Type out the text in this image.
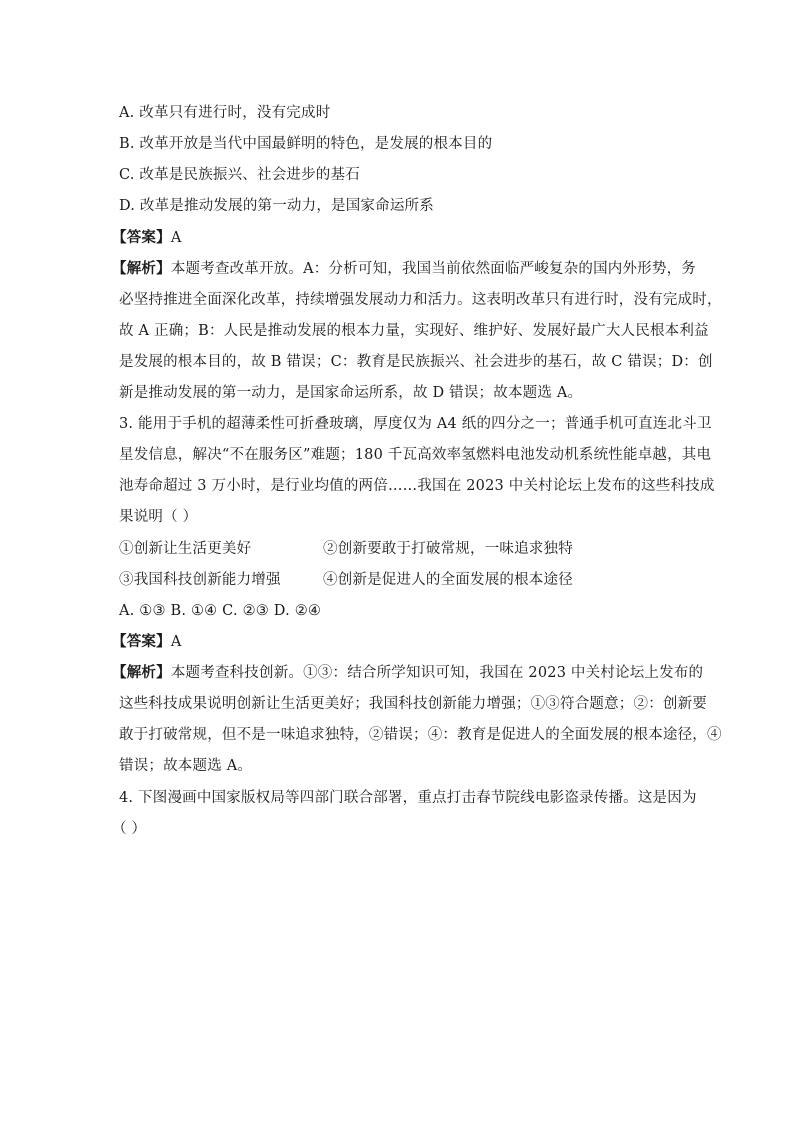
A. 改革只有进行时，没有完成时
B. 改革开放是当代中国最鲜明的特色，是发展的根本目的
C. 改革是民族振兴、社会进步的基石
D. 改革是推动发展的第一动力，是国家命运所系
【答案】A
【解析】本题考查改革开放。A：分析可知，我国当前依然面临严峻复杂的国内外形势，务
必坚持推进全面深化改革，持续增强发展动力和活力。这表明改革只有进行时，没有完成时，
故 A 正确；B：人民是推动发展的根本力量，实现好、维护好、发展好最广大人民根本利益
是发展的根本目的，故 B 错误；C：教育是民族振兴、社会进步的基石，故 C 错误；D：创
新是推动发展的第一动力，是国家命运所系，故 D 错误；故本题选 A。
3. 能用于手机的超薄柔性可折叠玻璃，厚度仅为 A4 纸的四分之一；普通手机可直连北斗卫
星发信息，解决“不在服务区”难题；180 千瓦高效率氢燃料电池发动机系统性能卓越，其电
池寿命超过 3 万小时，是行业均值的两倍……我国在 2023 中关村论坛上发布的这些科技成
果说明（ ）
①创新让生活更美好	②创新要敢于打破常规，一味追求独特
③我国科技创新能力增强	④创新是促进人的全面发展的根本途径
A. ①③ B. ①④ C. ②③ D. ②④
【答案】A
【解析】本题考查科技创新。①③：结合所学知识可知，我国在 2023 中关村论坛上发布的
这些科技成果说明创新让生活更美好；我国科技创新能力增强；①③符合题意；②：创新要
敢于打破常规，但不是一味追求独特，②错误；④：教育是促进人的全面发展的根本途径，④
错误；故本题选 A。
4. 下图漫画中国家版权局等四部门联合部署，重点打击春节院线电影盗录传播。这是因为
（ ）
